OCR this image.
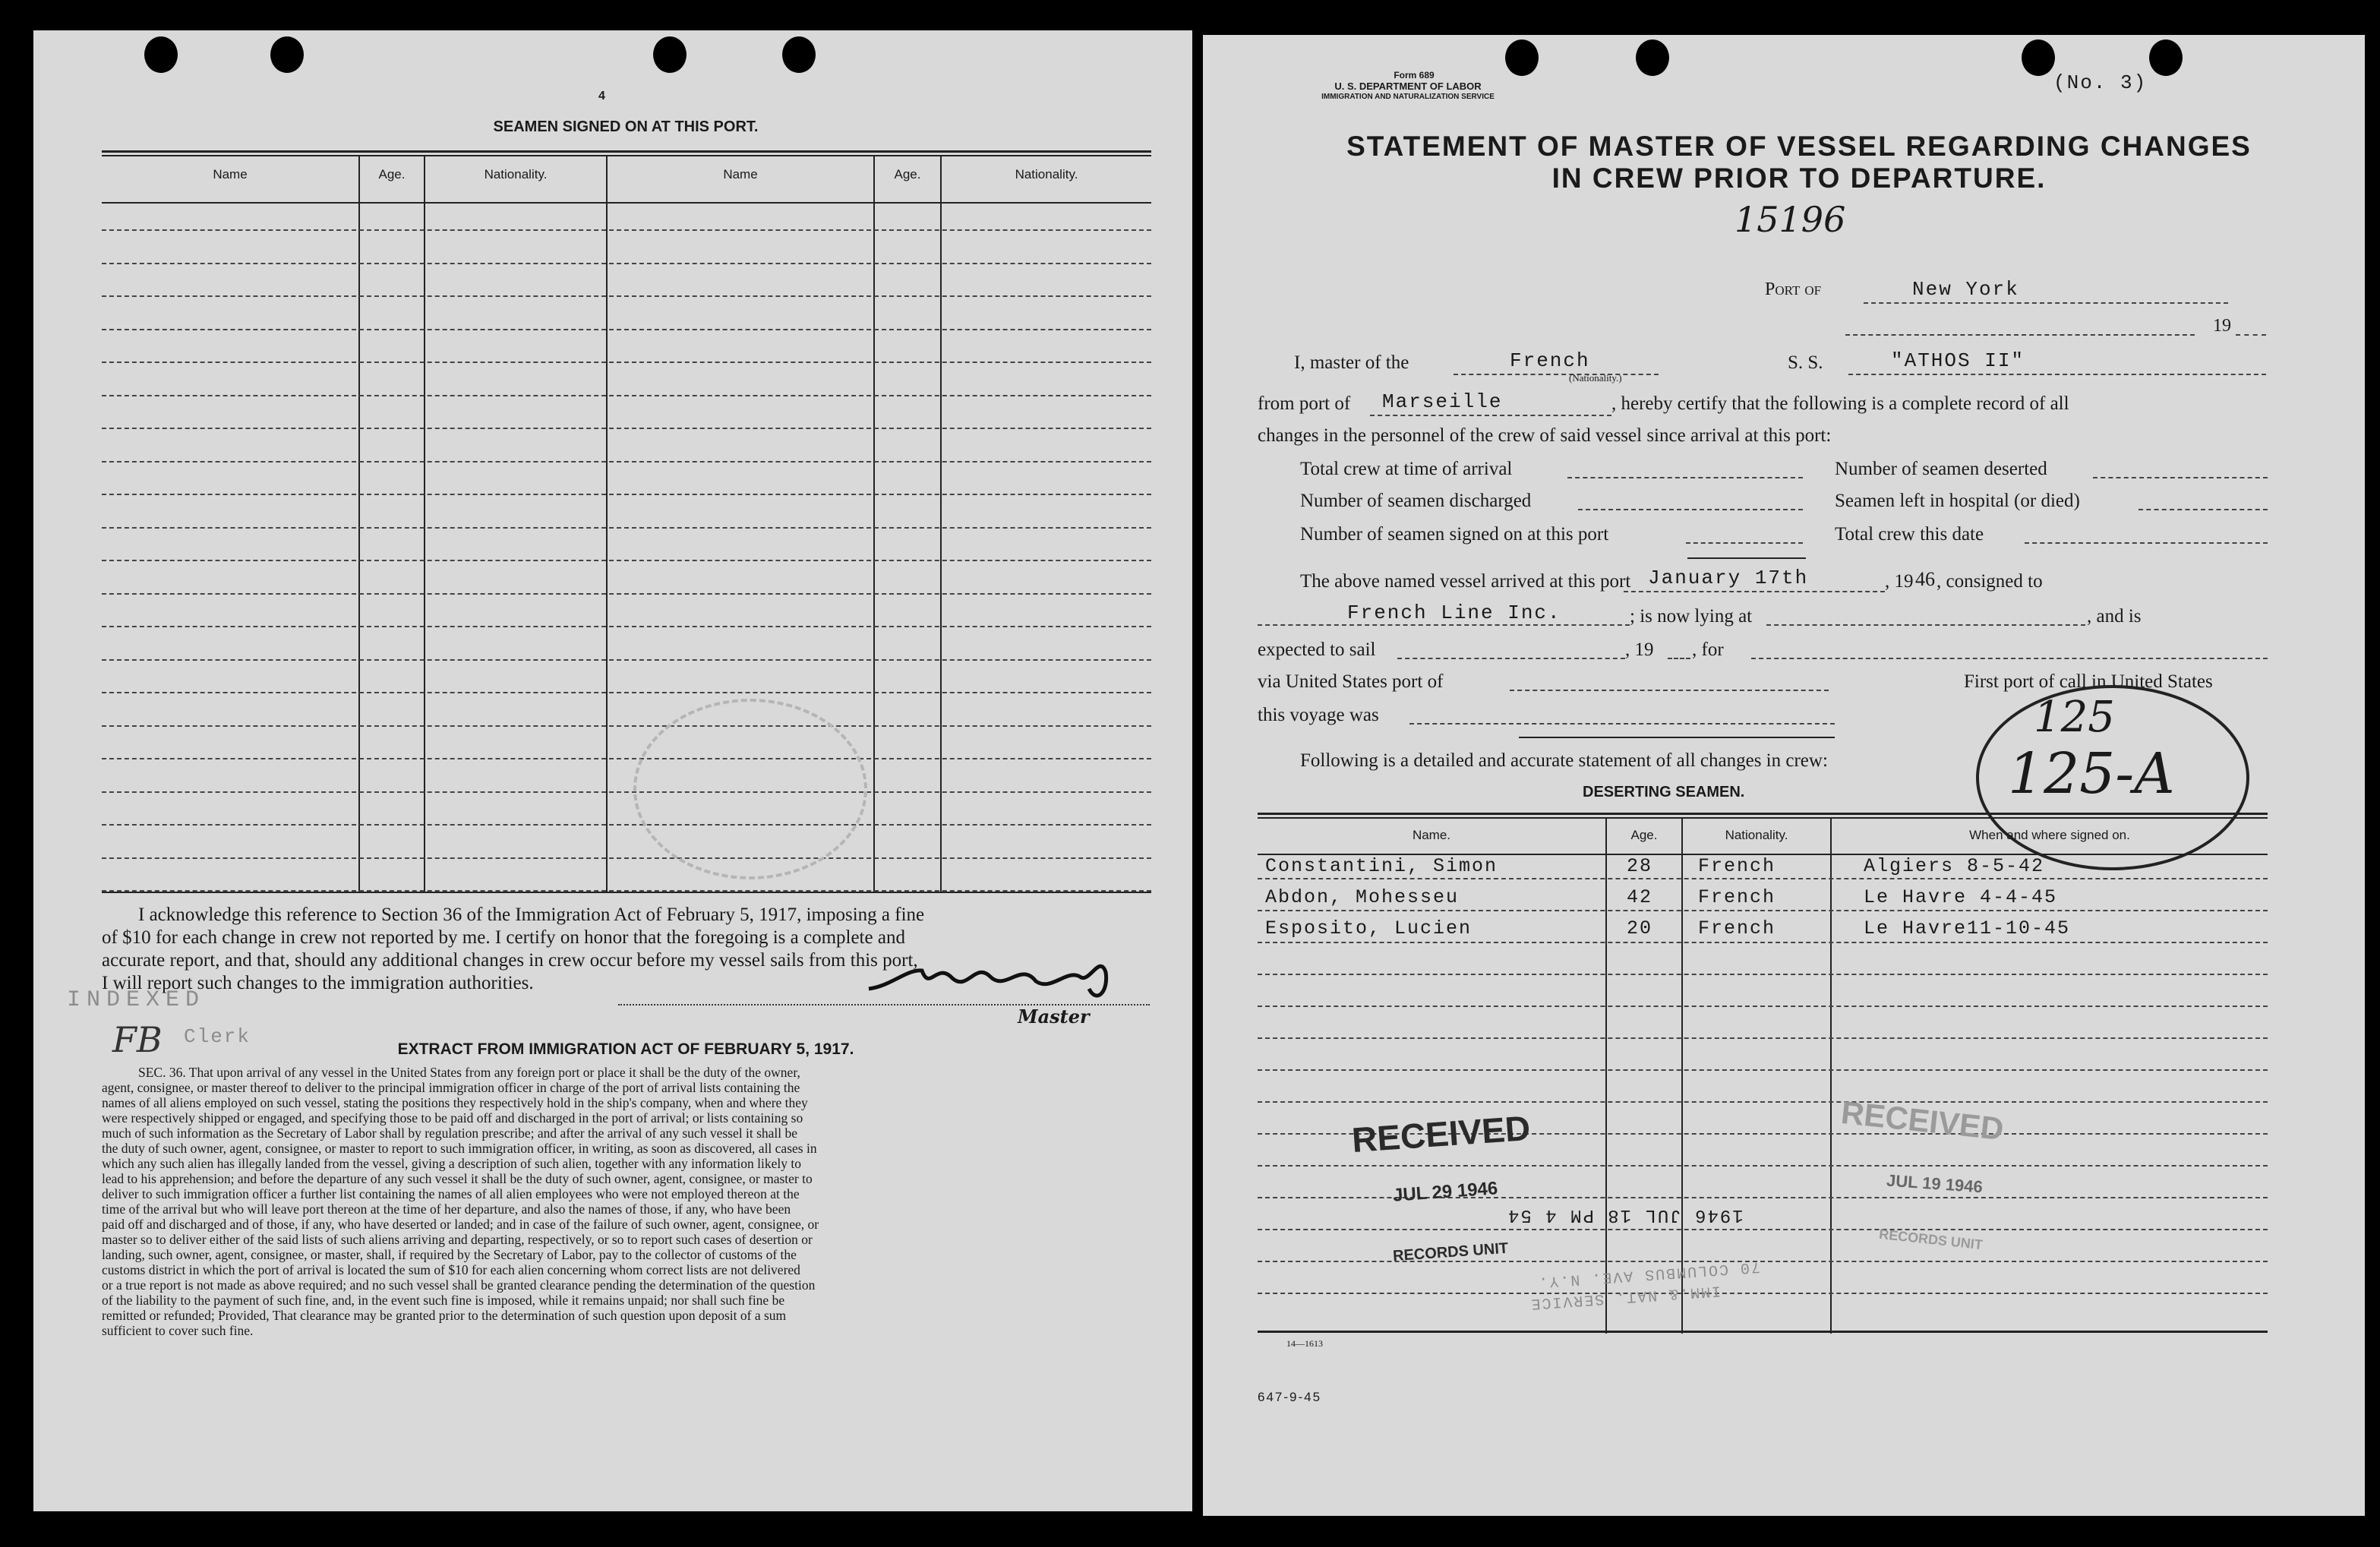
4
SEAMEN SIGNED ON AT THIS PORT.
Name	Age.	Nationality.	Name	Age.	Nationality.
I acknowledge this reference to Section 36 of the Immigration Act of February 5, 1917, imposing a fine
of $10 for each change in crew not reported by me. I certify on honor that the foregoing is a complete and
accurate report, and that, should any additional changes in crew occur before my vessel sails from this port,
I will report such changes to the immigration authorities.
Master
INDEXED
FB Clerk
EXTRACT FROM IMMIGRATION ACT OF FEBRUARY 5, 1917.
SEC. 36. That upon arrival of any vessel in the United States from any foreign port or place it shall be the duty of the owner,
agent, consignee, or master thereof to deliver to the principal immigration officer in charge of the port of arrival lists containing the
names of all aliens employed on such vessel, stating the positions they respectively hold in the ship's company, when and where they
were respectively shipped or engaged, and specifying those to be paid off and discharged in the port of arrival; or lists containing so
much of such information as the Secretary of Labor shall by regulation prescribe; and after the arrival of any such vessel it shall be
the duty of such owner, agent, consignee, or master to report to such immigration officer, in writing, as soon as discovered, all cases in
which any such alien has illegally landed from the vessel, giving a description of such alien, together with any information likely to
lead to his apprehension; and before the departure of any such vessel it shall be the duty of such owner, agent, consignee, or master to
deliver to such immigration officer a further list containing the names of all alien employees who were not employed thereon at the
time of the arrival but who will leave port thereon at the time of her departure, and also the names of those, if any, who have been
paid off and discharged and of those, if any, who have deserted or landed; and in case of the failure of such owner, agent, consignee, or
master so to deliver either of the said lists of such aliens arriving and departing, respectively, or so to report such cases of desertion or
landing, such owner, agent, consignee, or master, shall, if required by the Secretary of Labor, pay to the collector of customs of the
customs district in which the port of arrival is located the sum of $10 for each alien concerning whom correct lists are not delivered
or a true report is not made as above required; and no such vessel shall be granted clearance pending the determination of the question
of the liability to the payment of such fine, and, in the event such fine is imposed, while it remains unpaid; nor shall such fine be
remitted or refunded; Provided, That clearance may be granted prior to the determination of such question upon deposit of a sum
sufficient to cover such fine.
Form 689
U. S. DEPARTMENT OF LABOR
IMMIGRATION AND NATURALIZATION SERVICE
(No. 3)
STATEMENT OF MASTER OF VESSEL REGARDING CHANGES
IN CREW PRIOR TO DEPARTURE.
15196
Port of	New York
19
I, master of the	French
(Nationality.)
S. S.	"ATHOS II"
from port of Marseille	, hereby certify that the following is a complete record of all
changes in the personnel of the crew of said vessel since arrival at this port:
Total crew at time of arrival	Number of seamen deserted
Number of seamen discharged	Seamen left in hospital (or died)
Number of seamen signed on at this port	Total crew this date
The above named vessel arrived at this port January 17th	, 19 46 , consigned to
French Line Inc.	; is now lying at	, and is
expected to sail	, 19 , for
via United States port of	First port of call in United States
this voyage was	125
125-A
Following is a detailed and accurate statement of all changes in crew:
DESERTING SEAMEN.
Name.	Age.	Nationality.	When and where signed on.
Constantini, Simon	28 French	Algiers 8-5-42
Abdon, Mohesseu	42 French	Le Havre 4-4-45
Esposito, Lucien	20 French	Le Havre11-10-45
RECEIVED
JUL 29 1946
RECORDS UNIT
RECEIVED
JUL 19 1946
RECORDS UNIT
1946 JUL 18 PM 4 54
70 COLUMBUS AVE. N.Y.
IMM.& NAT. SERVICE
14—1613
647-9-45
